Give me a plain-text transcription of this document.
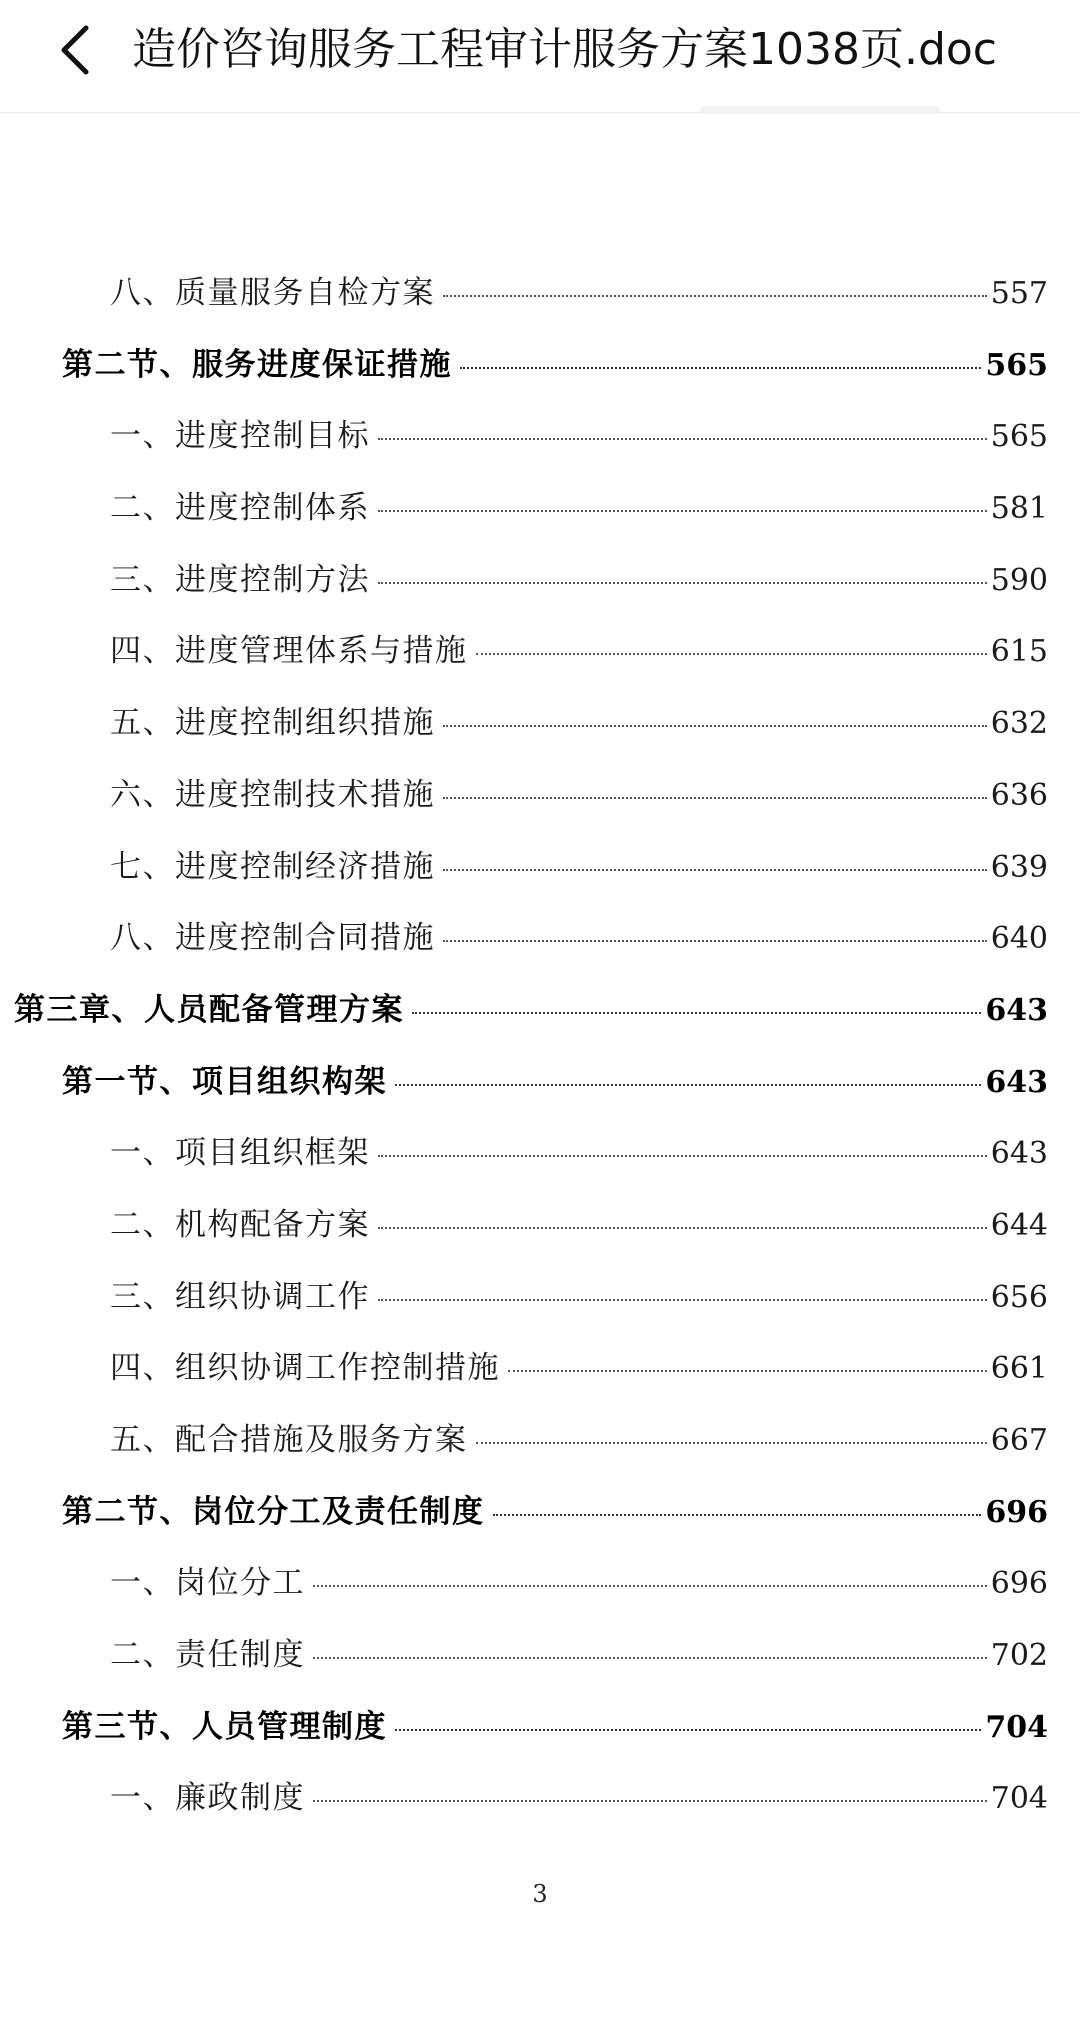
造价咨询服务工程审计服务方案1038页.doc
八、质量服务自检方案	557
第二节、服务进度保证措施	565
一、进度控制目标	565
二、进度控制体系	581
三、进度控制方法	590
四、进度管理体系与措施	615
五、进度控制组织措施	632
六、进度控制技术措施	636
七、进度控制经济措施	639
八、进度控制合同措施	640
第三章、人员配备管理方案	643
第一节、项目组织构架	643
一、项目组织框架	643
二、机构配备方案	644
三、组织协调工作	656
四、组织协调工作控制措施	661
五、配合措施及服务方案	667
第二节、岗位分工及责任制度	696
一、岗位分工	696
二、责任制度	702
第三节、人员管理制度	704
一、廉政制度	704
3
